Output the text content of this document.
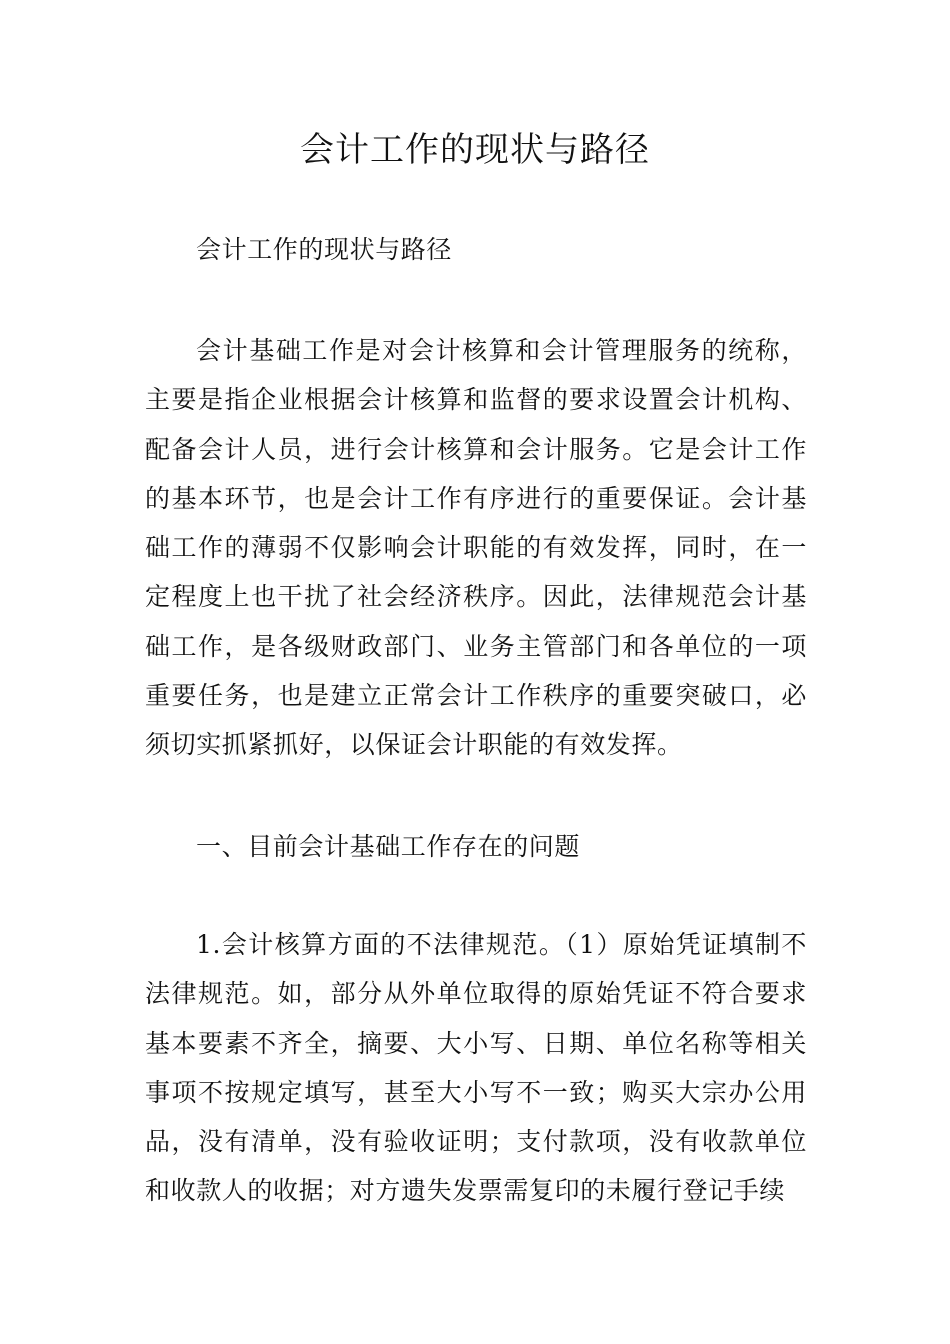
会计工作的现状与路径

会计工作的现状与路径

会计基础工作是对会计核算和会计管理服务的统称，主要是指企业根据会计核算和监督的要求设置会计机构、配备会计人员，进行会计核算和会计服务。它是会计工作的基本环节，也是会计工作有序进行的重要保证。会计基础工作的薄弱不仅影响会计职能的有效发挥，同时，在一定程度上也干扰了社会经济秩序。因此，法律规范会计基础工作，是各级财政部门、业务主管部门和各单位的一项重要任务，也是建立正常会计工作秩序的重要突破口，必须切实抓紧抓好，以保证会计职能的有效发挥。

一、目前会计基础工作存在的问题

1.会计核算方面的不法律规范。（1）原始凭证填制不法律规范。如，部分从外单位取得的原始凭证不符合要求基本要素不齐全，摘要、大小写、日期、单位名称等相关事项不按规定填写，甚至大小写不一致；购买大宗办公用品，没有清单，没有验收证明；支付款项，没有收款单位和收款人的收据；对方遗失发票需复印的未履行登记手续
